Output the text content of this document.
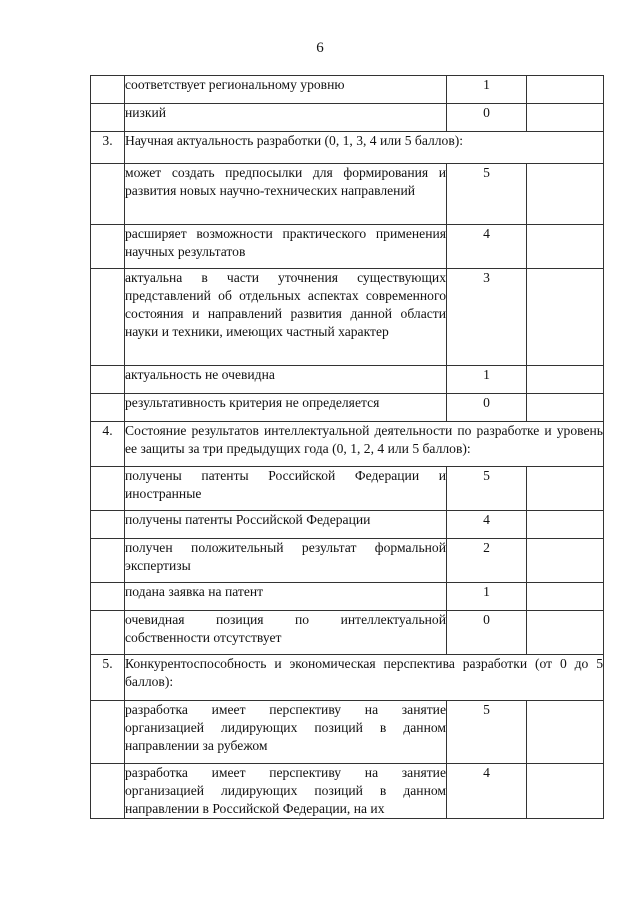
6
	соответствует региональному уровню	1	
	низкий	0	
3.	Научная актуальность разработки (0, 1, 3, 4 или 5 баллов):		
	может создать предпосылки для формирования и развития новых научно-технических направлений	5	
	расширяет возможности практического применения научных результатов	4	
	актуальна в части уточнения существующих представлений об отдельных аспектах современного состояния и направлений развития данной области науки и техники, имеющих частный характер	3	
	актуальность не очевидна	1	
	результативность критерия не определяется	0	
4.	Состояние результатов интеллектуальной деятельности по разработке и уровень ее защиты за три предыдущих года (0, 1, 2, 4 или 5 баллов):		
	получены патенты Российской Федерации и иностранные	5	
	получены патенты Российской Федерации	4	
	получен положительный результат формальной экспертизы	2	
	подана заявка на патент	1	
	очевидная позиция по интеллектуальной собственности отсутствует	0	
5.	Конкурентоспособность и экономическая перспектива разработки (от 0 до 5 баллов):		
	разработка имеет перспективу на занятие организацией лидирующих позиций в данном направлении за рубежом	5	
	разработка имеет перспективу на занятие организацией лидирующих позиций в данном направлении в Российской Федерации, на их	4	
